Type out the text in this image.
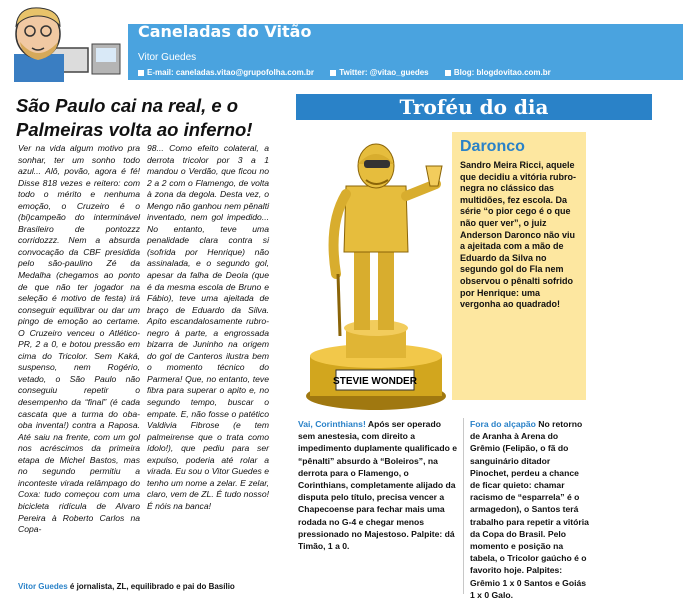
Caneladas do Vitão
Vitor Guedes
E-mail: caneladas.vitao@grupofolha.com.br	Twitter: @vitao_guedes	Blog: blogdovitao.com.br
São Paulo cai na real, e o Palmeiras volta ao inferno!
Ver na vida algum motivo pra sonhar, ter um sonho todo azul... Alô, povão, agora é fé! Disse 818 vezes e reitero: com todo o mérito e nenhuma emoção, o Cruzeiro é o (bi)campeão do interminável Brasileiro de pontozzz corridozzz. Nem a absurda convocação da CBF presidida pelo são-paulino Zé da Medalha (chegamos ao ponto de que não ter jogador na seleção é motivo de festa) irá conseguir equilibrar ou dar um pingo de emoção ao certame. O Cruzeiro venceu o Atlético-PR, 2 a 0, e botou pressão em cima do Tricolor. Sem Kaká, suspenso, nem Rogério, vetado, o São Paulo não conseguiu repetir o desempenho da “final” (é cada cascata que a turma do oba-oba inventa!) contra a Raposa. Até saiu na frente, com um gol nos acréscimos da primeira etapa de Michel Bastos, mas no segundo permitiu a inconteste virada relâmpago do Coxa: tudo começou com uma bicicleta ridícula de Alvaro Pereira à Roberto Carlos na Copa-
98... Como efeito colateral, a derrota tricolor por 3 a 1 mandou o Verdão, que ficou no 2 a 2 com o Flamengo, de volta à zona da degola. Desta vez, o Mengo não ganhou nem pênalti inventado, nem gol impedido... No entanto, teve uma penalidade clara contra si (sofrida por Henrique) não assinalada, e o segundo gol, apesar da falha de Deola (que é da mesma escola de Bruno e Fábio), teve uma ajeitada de braço de Eduardo da Silva. Apito escandalosamente rubro-negro à parte, a engrossada bizarra de Juninho na origem do gol de Canteros ilustra bem o momento técnico do Parmera! Que, no entanto, teve fibra para superar o apito e, no segundo tempo, buscar o empate. E, não fosse o patético Valdivia Fibrose (e tem palmeirense que o trata como ídolo!), que pediu para ser expulso, poderia até rolar a virada. Eu sou o Vitor Guedes e tenho um nome a zelar. E zelar, claro, vem de ZL. É tudo nosso! É nóis na banca!
Vitor Guedes é jornalista, ZL, equilibrado e pai do Basílio
Troféu do dia
STEVIE WONDER
Daronco
Sandro Meira Ricci, aquele que decidiu a vitória rubro-negra no clássico das multidões, fez escola. Da série “o pior cego é o que não quer ver”, o juiz Anderson Daronco não viu a ajeitada com a mão de Eduardo da Silva no segundo gol do Fla nem observou o pênalti sofrido por Henrique: uma vergonha ao quadrado!
Vai, Corinthians! Após ser operado sem anestesia, com direito a impedimento duplamente qualificado e “pênalti” absurdo à “Boleiros”, na derrota para o Flamengo, o Corinthians, completamente alijado da disputa pelo título, precisa vencer a Chapecoense para fechar mais uma rodada no G-4 e chegar menos pressionado no Majestoso. Palpite: dá Timão, 1 a 0.
Fora do alçapão No retorno de Aranha à Arena do Grêmio (Felipão, o fã do sanguinário ditador Pinochet, perdeu a chance de ficar quieto: chamar racismo de “esparrela” é o armagedon), o Santos terá trabalho para repetir a vitória da Copa do Brasil. Pelo momento e posição na tabela, o Tricolor gaúcho é o favorito hoje. Palpites: Grêmio 1 x 0 Santos e Goiás 1 x 0 Galo.
